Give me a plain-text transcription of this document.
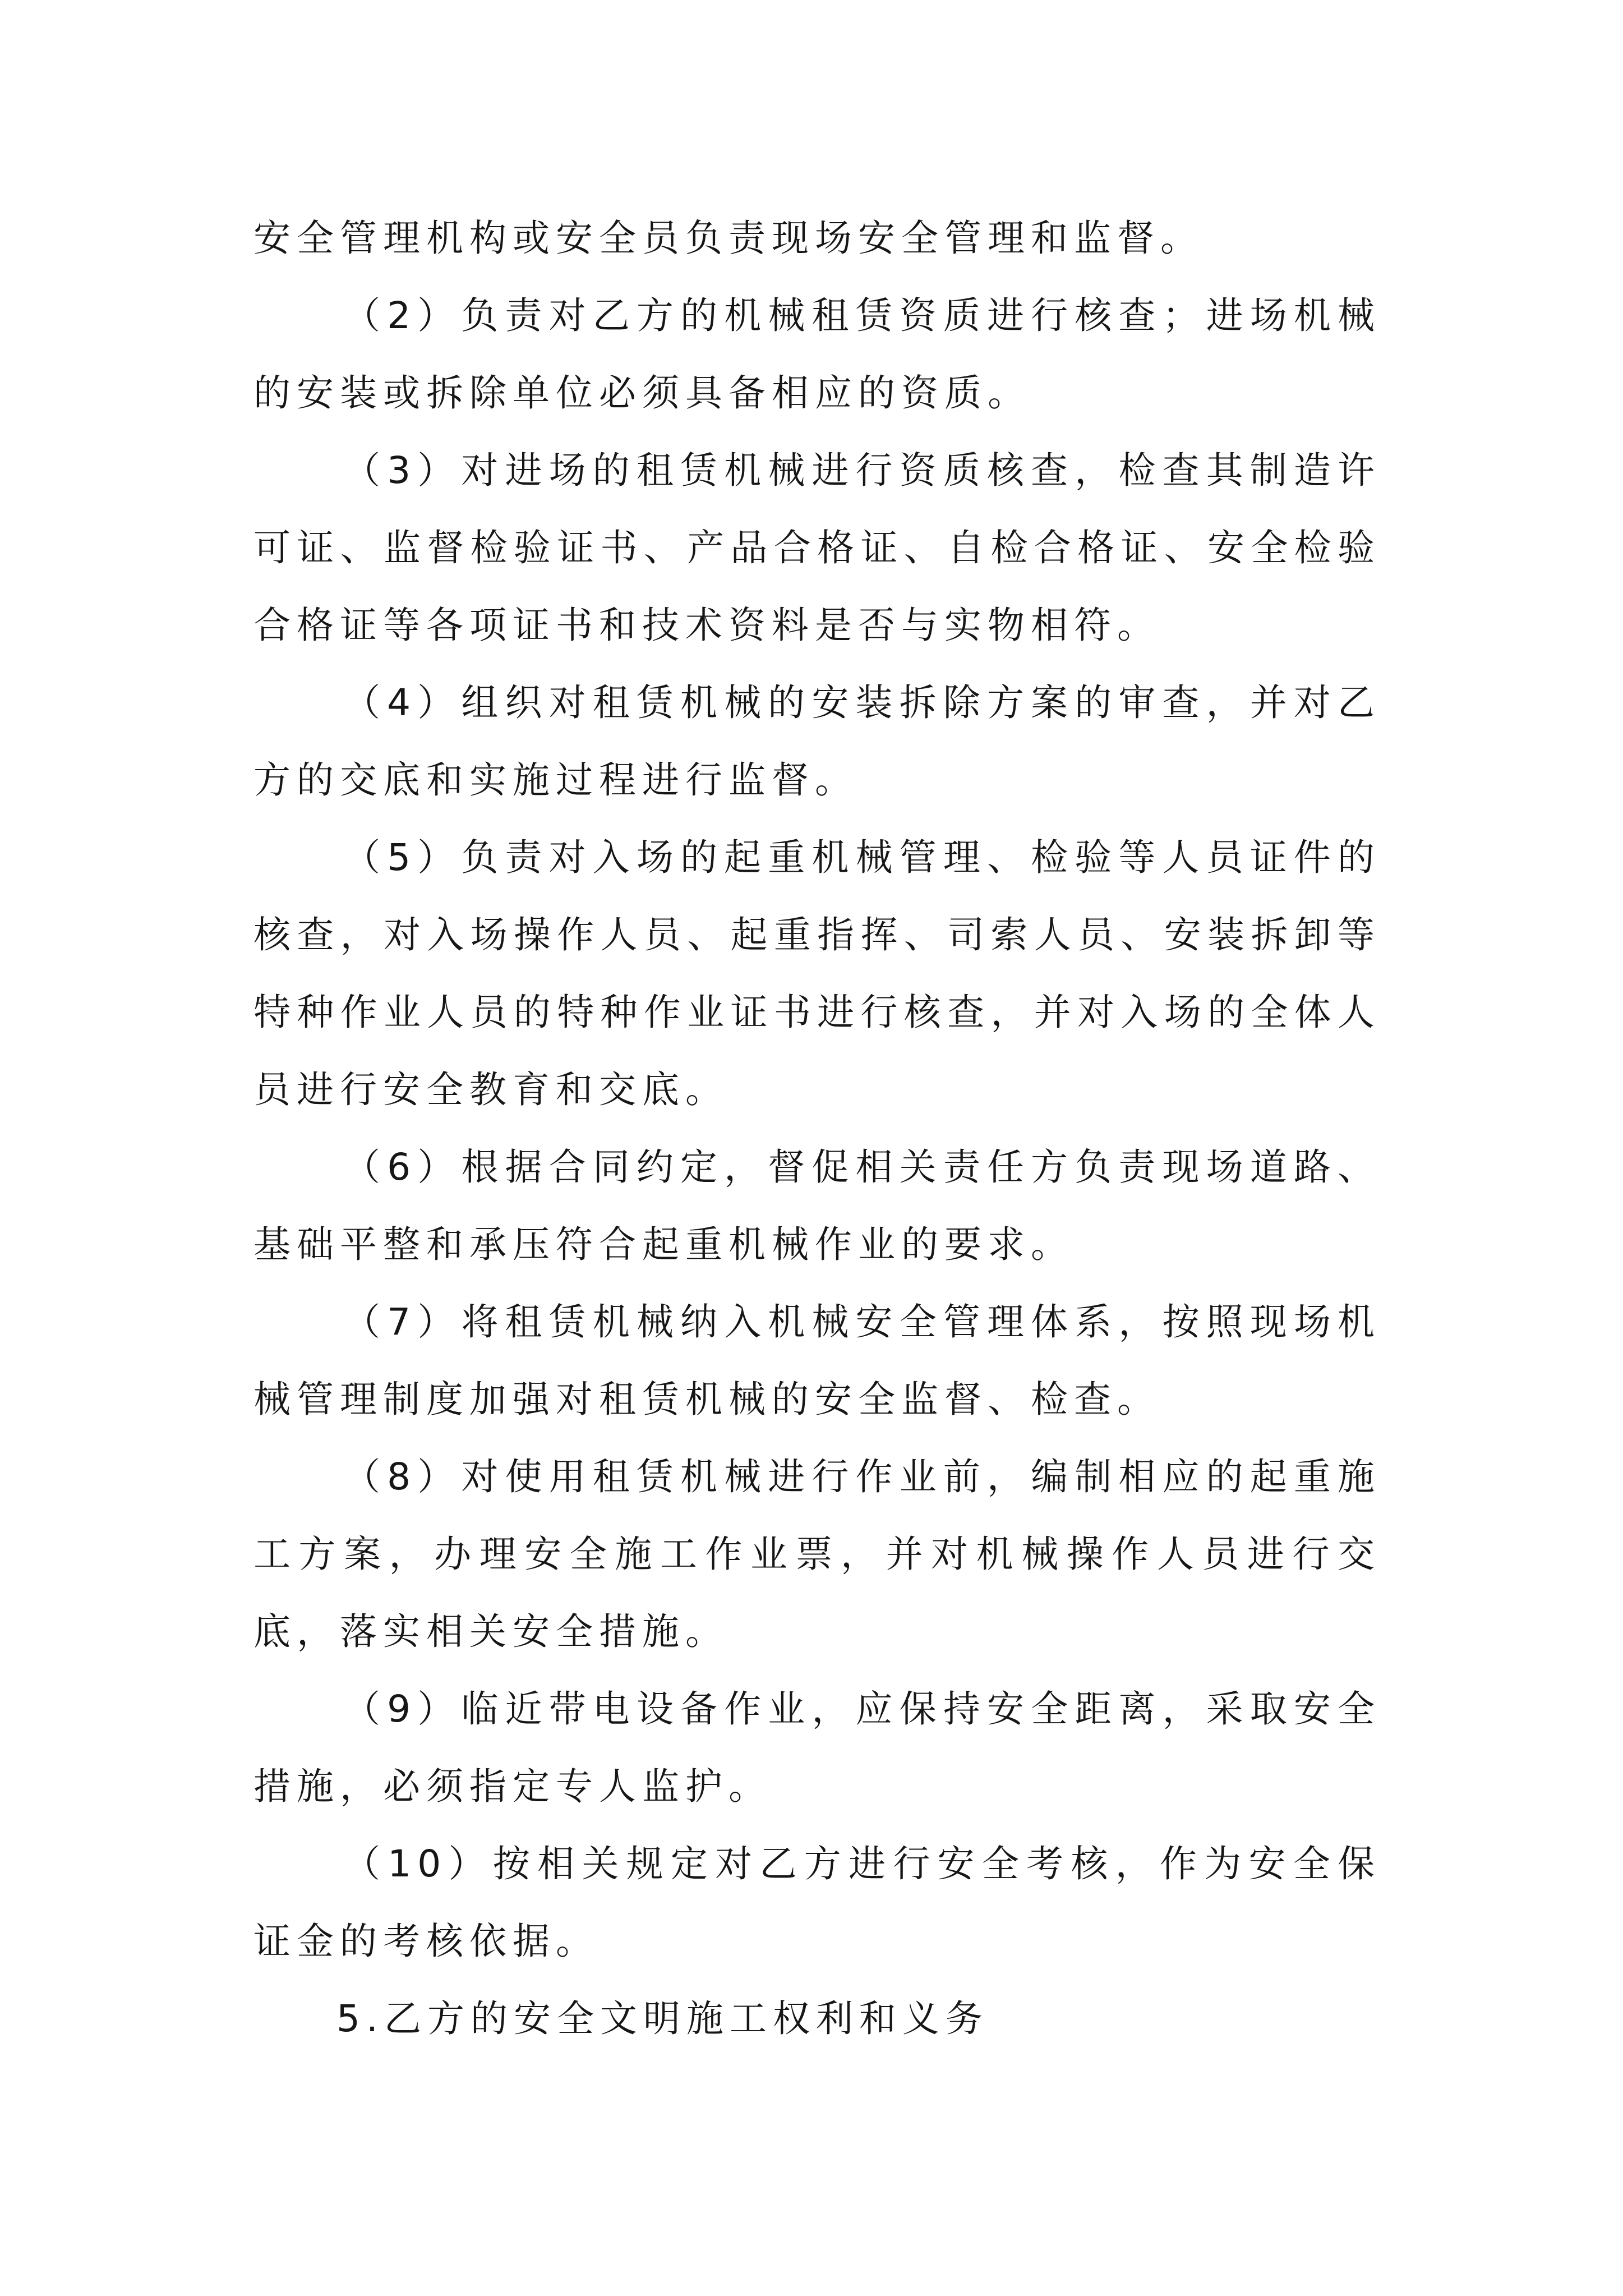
安全管理机构或安全员负责现场安全管理和监督。

（2）负责对乙方的机械租赁资质进行核查；进场机械的安装或拆除单位必须具备相应的资质。

（3）对进场的租赁机械进行资质核查，检查其制造许可证、监督检验证书、产品合格证、自检合格证、安全检验合格证等各项证书和技术资料是否与实物相符。

（4）组织对租赁机械的安装拆除方案的审查，并对乙方的交底和实施过程进行监督。

（5）负责对入场的起重机械管理、检验等人员证件的核查，对入场操作人员、起重指挥、司索人员、安装拆卸等特种作业人员的特种作业证书进行核查，并对入场的全体人员进行安全教育和交底。

（6）根据合同约定，督促相关责任方负责现场道路、基础平整和承压符合起重机械作业的要求。

（7）将租赁机械纳入机械安全管理体系，按照现场机械管理制度加强对租赁机械的安全监督、检查。

（8）对使用租赁机械进行作业前，编制相应的起重施工方案，办理安全施工作业票，并对机械操作人员进行交底，落实相关安全措施。

（9）临近带电设备作业，应保持安全距离，采取安全措施，必须指定专人监护。

（10）按相关规定对乙方进行安全考核，作为安全保证金的考核依据。

5.乙方的安全文明施工权利和义务
